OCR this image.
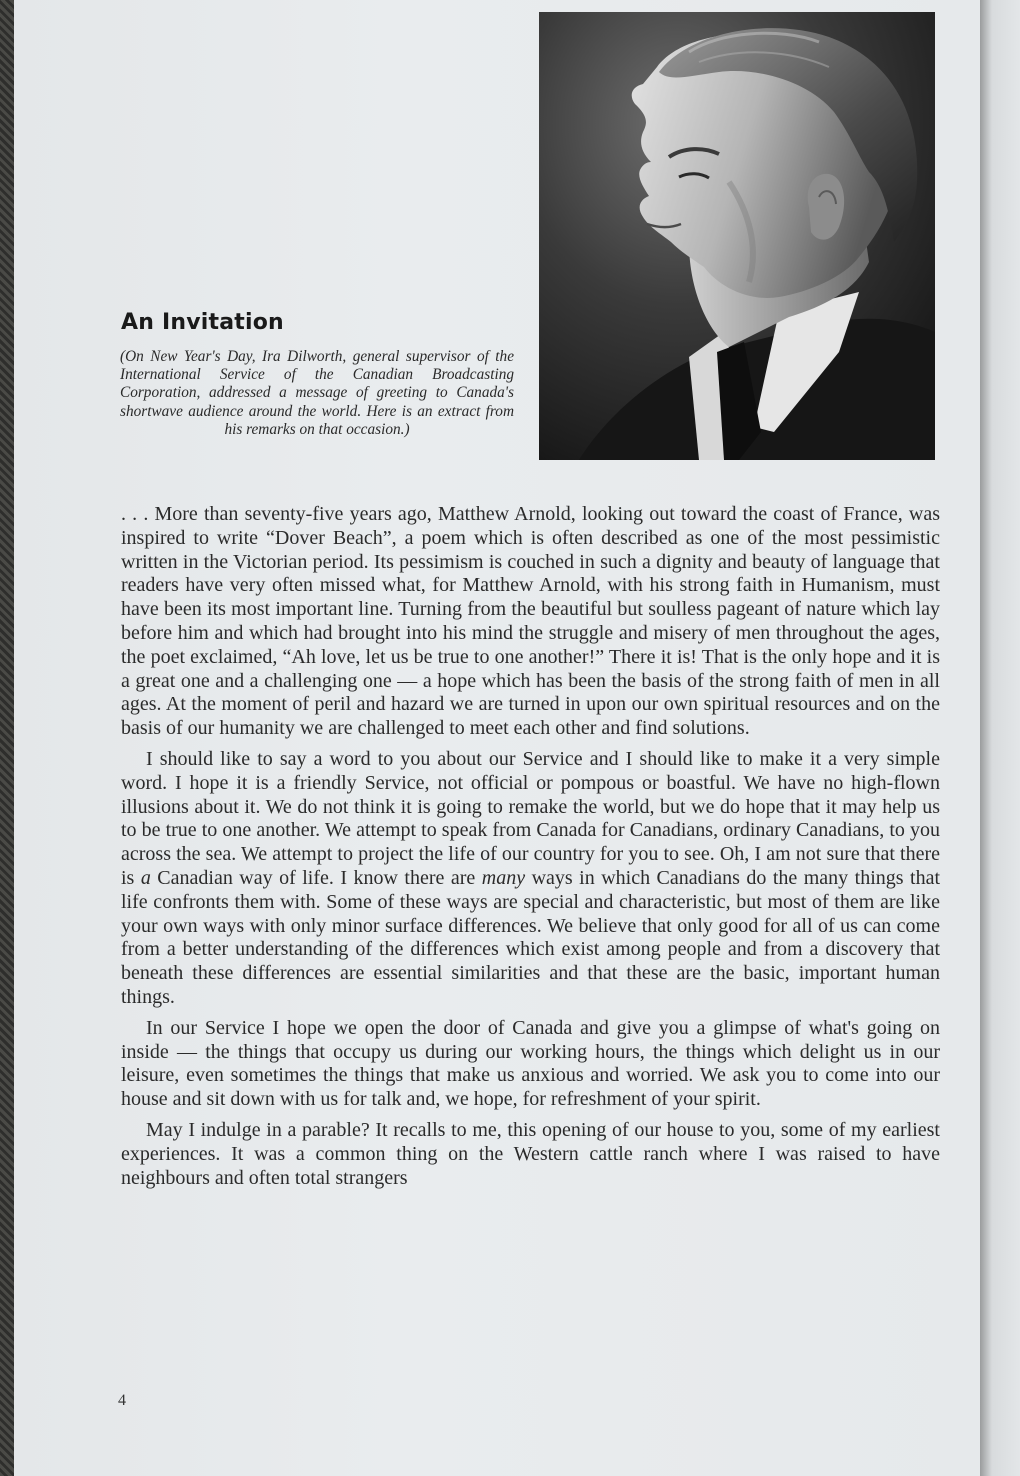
An Invitation

(On New Year's Day, Ira Dilworth, general supervisor of the International Service of the Canadian Broadcasting Corporation, addressed a message of greeting to Canada's shortwave audience around the world. Here is an extract from his remarks on that occasion.)

. . . More than seventy-five years ago, Matthew Arnold, looking out toward the coast of France, was inspired to write “Dover Beach”, a poem which is often described as one of the most pessimistic written in the Victorian period. Its pessimism is couched in such a dignity and beauty of language that readers have very often missed what, for Matthew Arnold, with his strong faith in Humanism, must have been its most important line. Turning from the beautiful but soulless pageant of nature which lay before him and which had brought into his mind the struggle and misery of men throughout the ages, the poet exclaimed, “Ah love, let us be true to one another!” There it is! That is the only hope and it is a great one and a challenging one — a hope which has been the basis of the strong faith of men in all ages. At the moment of peril and hazard we are turned in upon our own spiritual resources and on the basis of our humanity we are challenged to meet each other and find solutions.

I should like to say a word to you about our Service and I should like to make it a very simple word. I hope it is a friendly Service, not official or pompous or boastful. We have no high-flown illusions about it. We do not think it is going to remake the world, but we do hope that it may help us to be true to one another. We attempt to speak from Canada for Canadians, ordinary Canadians, to you across the sea. We attempt to project the life of our country for you to see. Oh, I am not sure that there is a Canadian way of life. I know there are many ways in which Canadians do the many things that life confronts them with. Some of these ways are special and characteristic, but most of them are like your own ways with only minor surface differences. We believe that only good for all of us can come from a better understanding of the differences which exist among people and from a discovery that beneath these differences are essential similarities and that these are the basic, important human things.

In our Service I hope we open the door of Canada and give you a glimpse of what's going on inside — the things that occupy us during our working hours, the things which delight us in our leisure, even sometimes the things that make us anxious and worried. We ask you to come into our house and sit down with us for talk and, we hope, for refreshment of your spirit.

May I indulge in a parable? It recalls to me, this opening of our house to you, some of my earliest experiences. It was a common thing on the Western cattle ranch where I was raised to have neighbours and often total strangers

4
